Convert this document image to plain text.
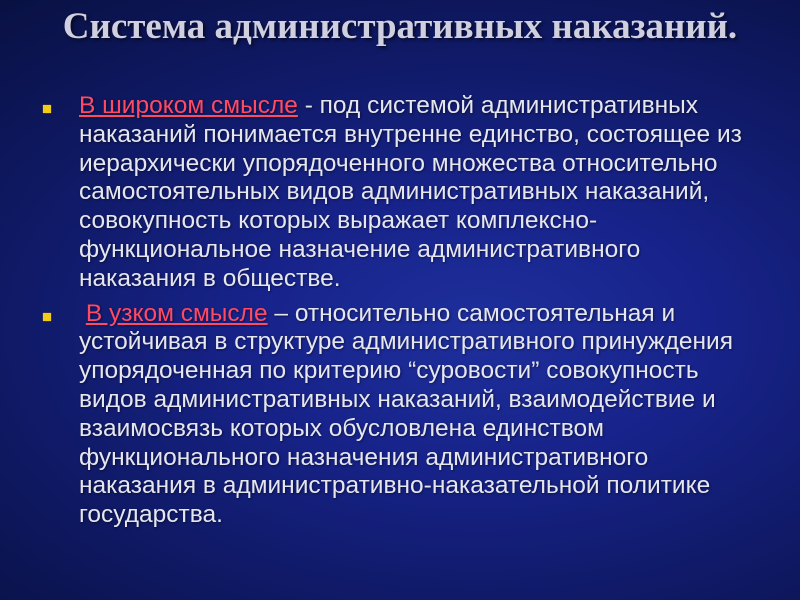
Система административных наказаний.
В широком смысле - под системой административных наказаний понимается внутренне единство, состоящее из иерархически упорядоченного множества относительно самостоятельных видов административных наказаний, совокупность которых выражает комплексно-функциональное назначение административного наказания в обществе.
В узком смысле – относительно самостоятельная и устойчивая в структуре административного принуждения упорядоченная по критерию “суровости” совокупность видов административных наказаний, взаимодействие и взаимосвязь которых обусловлена единством функционального назначения административного наказания в административно-наказательной политике государства.
